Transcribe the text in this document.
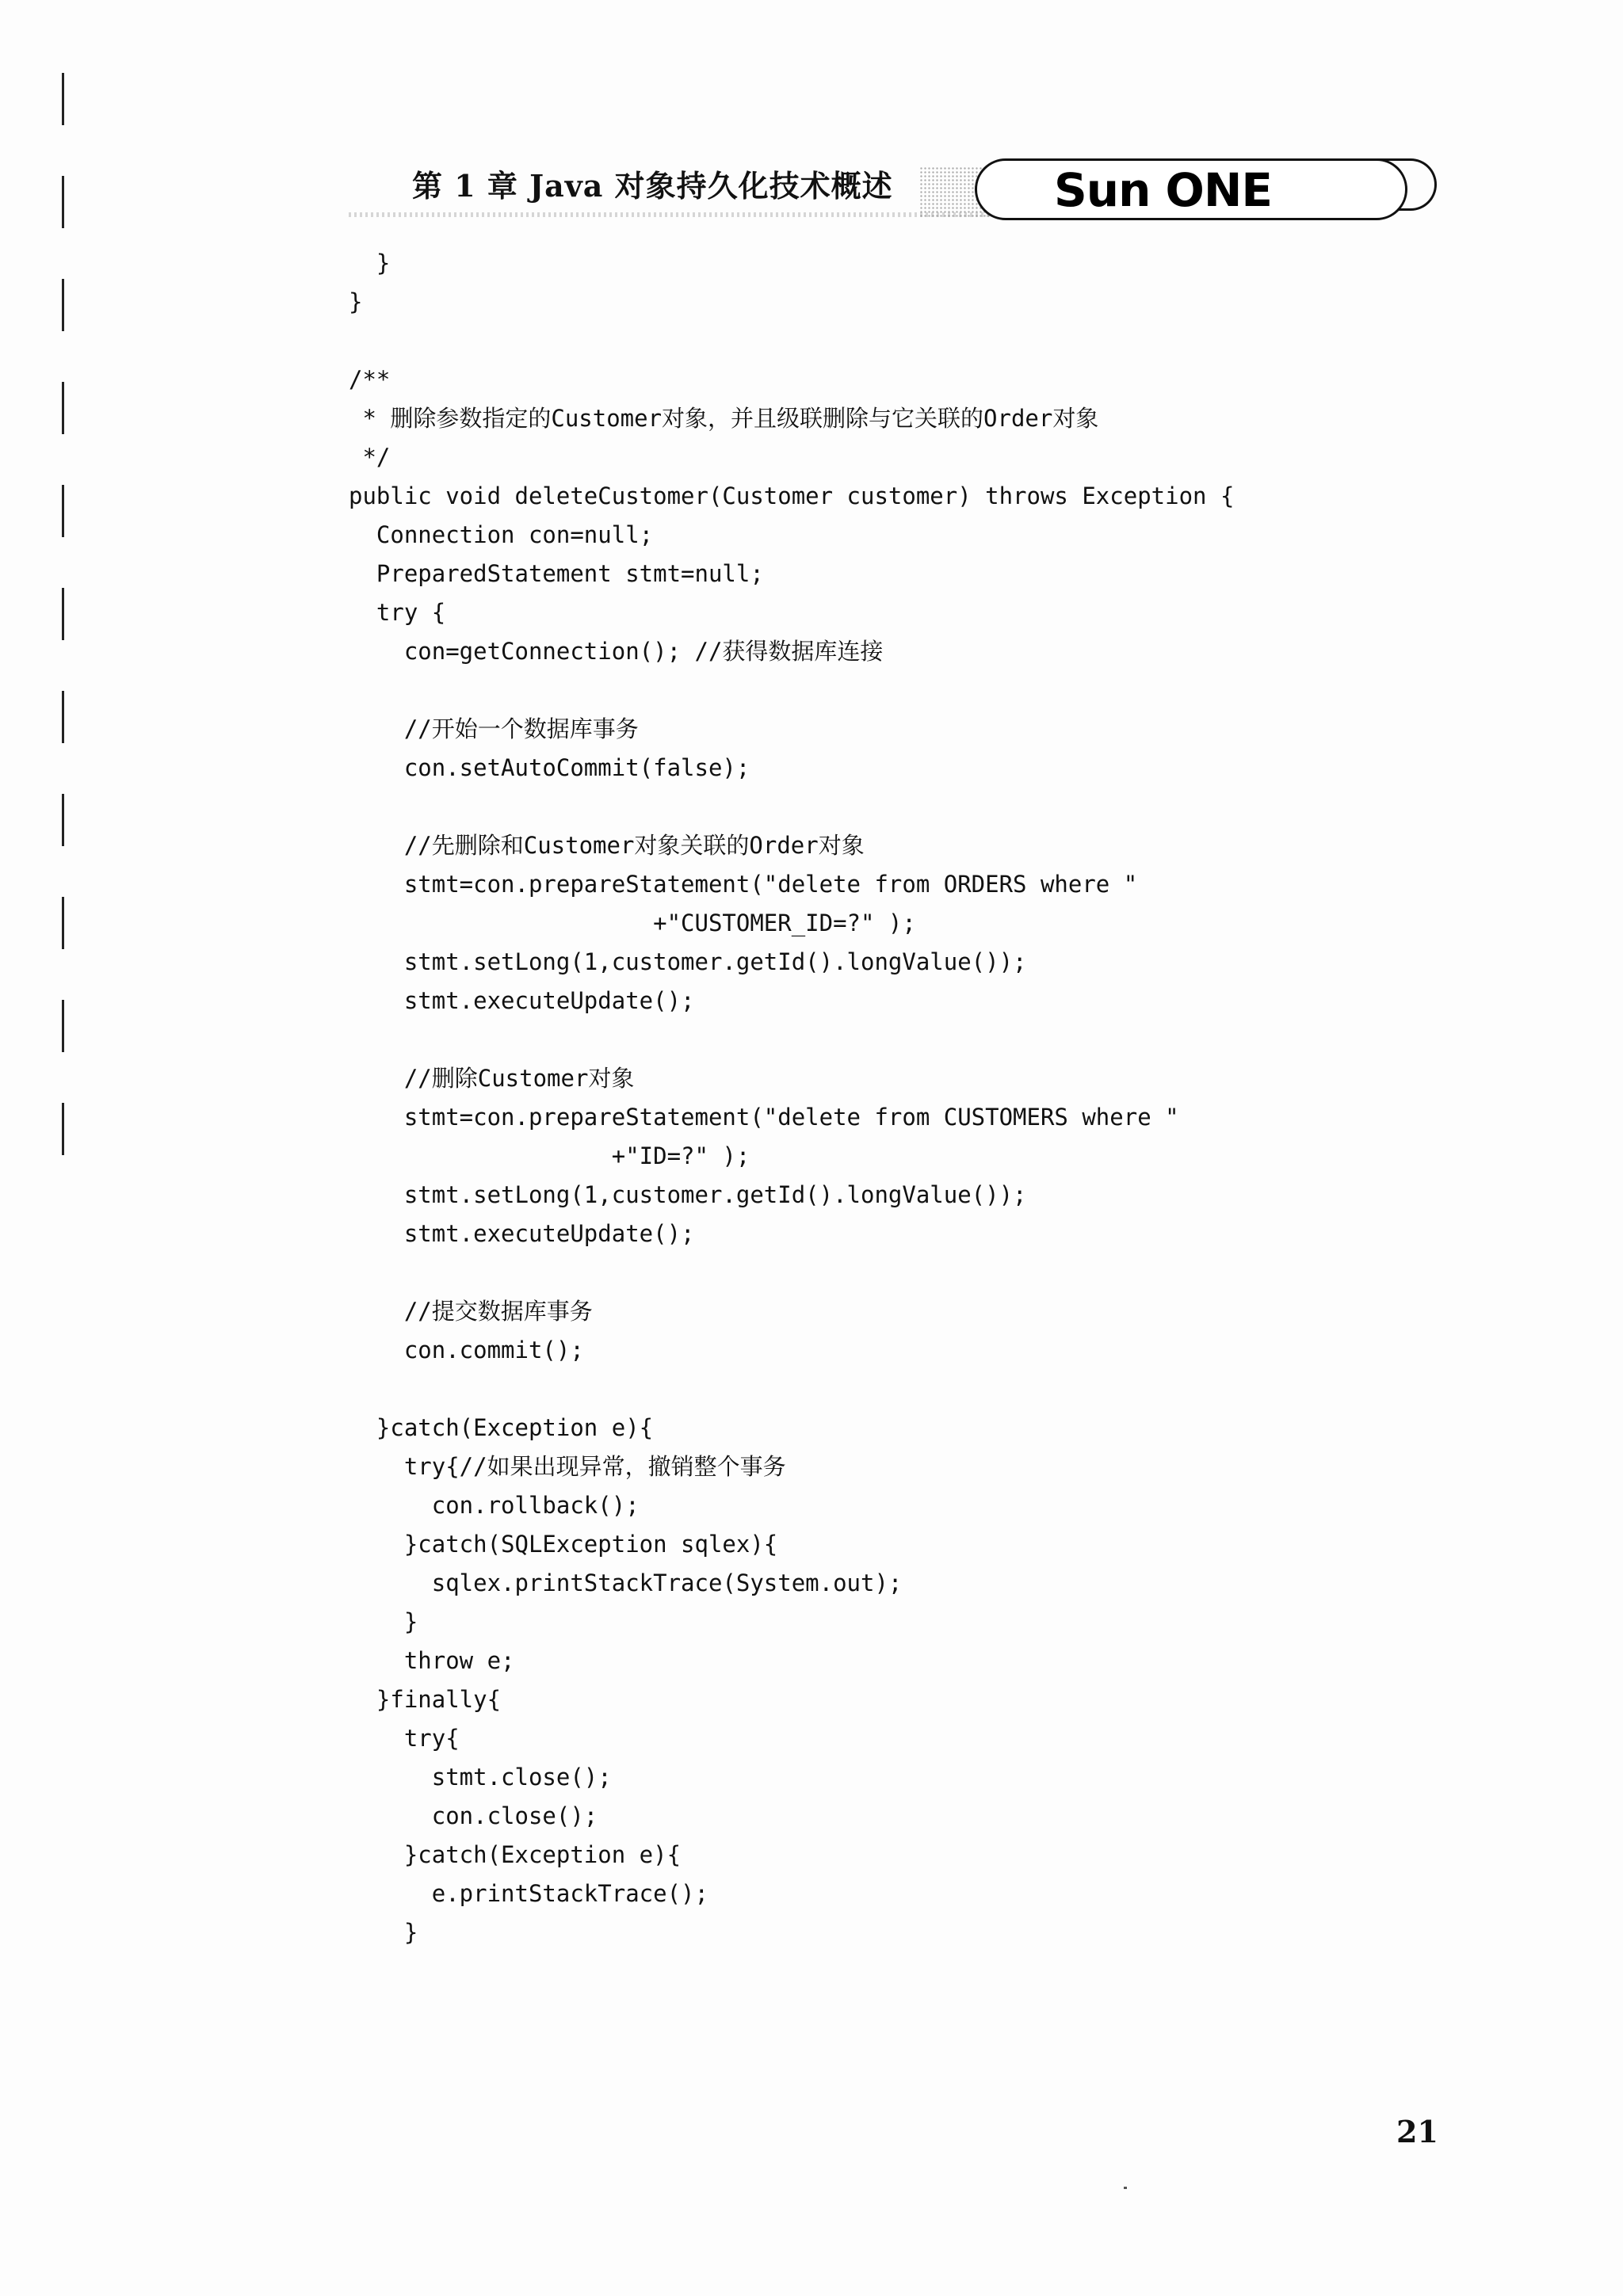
第 1 章 Java 对象持久化技术概述	Sun ONE
}
}
/**
* 删除参数指定的Customer对象，并且级联删除与它关联的Order对象
*/
public void deleteCustomer(Customer customer) throws Exception {
Connection con=null;
PreparedStatement stmt=null;
try {
con=getConnection(); //获得数据库连接
//开始一个数据库事务
con.setAutoCommit(false);
//先删除和Customer对象关联的Order对象
stmt=con.prepareStatement("delete from ORDERS where "
+"CUSTOMER_ID=?" );
stmt.setLong(1,customer.getId().longValue());
stmt.executeUpdate();
//删除Customer对象
stmt=con.prepareStatement("delete from CUSTOMERS where "
+"ID=?" );
stmt.setLong(1,customer.getId().longValue());
stmt.executeUpdate();
//提交数据库事务
con.commit();
}catch(Exception e){
try{//如果出现异常，撤销整个事务
con.rollback();
}catch(SQLException sqlex){
sqlex.printStackTrace(System.out);
}
throw e;
}finally{
try{
stmt.close();
con.close();
}catch(Exception e){
e.printStackTrace();
}
21
